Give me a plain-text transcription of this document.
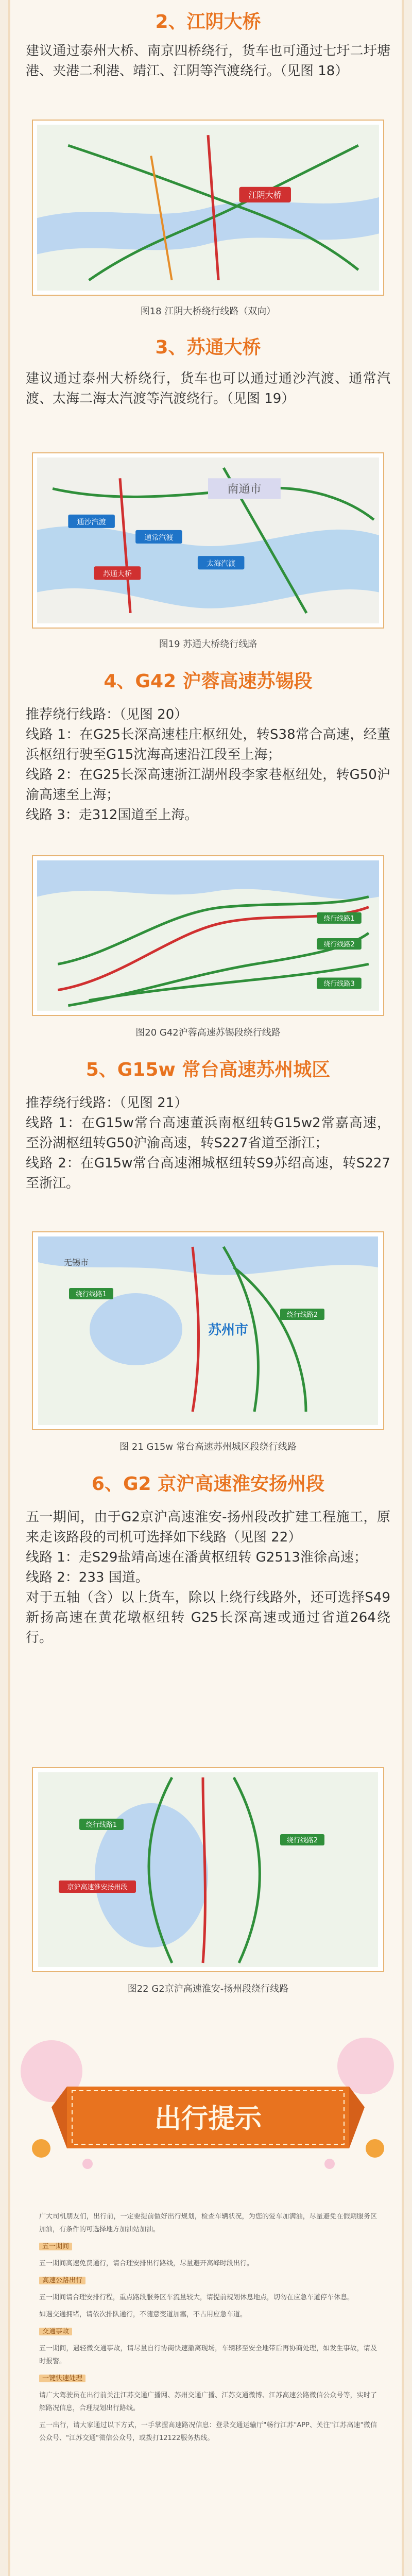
2、江阴大桥

建议通过泰州大桥、南京四桥绕行，货车也可通过七圩二圩塘港、夹港二利港、靖江、江阴等汽渡绕行。（见图 18）

江阴大桥
图18 江阴大桥绕行线路（双向）
3、苏通大桥

建议通过泰州大桥绕行，货车也可以通过通沙汽渡、通常汽渡、太海二海太汽渡等汽渡绕行。（见图 19）

南通市
通沙汽渡
通常汽渡
苏通大桥
太海汽渡
图19 苏通大桥绕行线路
4、G42 沪蓉高速苏锡段

推荐绕行线路：（见图 20）

线路 1：在G25长深高速桂庄枢纽处，转S38常合高速，经董浜枢纽行驶至G15沈海高速沿江段至上海；

线路 2：在G25长深高速浙江湖州段李家巷枢纽处，转G50沪渝高速至上海；

线路 3：走312国道至上海。

绕行线路1
绕行线路2
绕行线路3
图20 G42沪蓉高速苏锡段绕行线路
5、G15w 常台高速苏州城区

推荐绕行线路：（见图 21）

线路 1：在G15w常台高速董浜南枢纽转G15w2常嘉高速，至汾湖枢纽转G50沪渝高速，转S227省道至浙江；

线路 2：在G15w常台高速湘城枢纽转S9苏绍高速，转S227至浙江。

无锡市
苏州市
绕行线路1
绕行线路2
图 21 G15w 常台高速苏州城区段绕行线路
6、G2 京沪高速淮安扬州段

五一期间，由于G2京沪高速淮安-扬州段改扩建工程施工，原来走该路段的司机可选择如下线路（见图 22）

线路 1：走S29盐靖高速在潘黄枢纽转 G2513淮徐高速；

线路 2：233 国道。

对于五轴（含）以上货车，除以上绕行线路外，还可选择S49新扬高速在黄花墩枢纽转 G25长深高速或通过省道264绕行。

京沪高速淮安扬州段
绕行线路1
绕行线路2
图22 G2京沪高速淮安-扬州段绕行线路
出行提示

广大司机朋友们，出行前，一定要提前做好出行规划，检查车辆状况，为您的爱车加满油，尽量避免在假期服务区加油，有条件的可选择地方加油站加油。

五一期间

五一期间高速免费通行，请合理安排出行路线，尽量避开高峰时段出行。

高速公路出行

五一期间请合理安排行程，重点路段服务区车流量较大，请提前规划休息地点，切勿在应急车道停车休息。

如遇交通拥堵，请依次排队通行，不随意变道加塞，不占用应急车道。

交通事故

五一期间，遇轻微交通事故，请尽量自行协商快速撤离现场，车辆移至安全地带后再协商处理，如发生事故，请及时报警。

一键快速处理

请广大驾驶员在出行前关注江苏交通广播网、苏州交通广播、江苏交通微博、江苏高速公路微信公众号等，实时了解路况信息，合理规划出行路线。

五一出行，请大家通过以下方式，一手掌握高速路况信息：登录交通运输厅"畅行江苏"APP、关注"江苏高速"微信公众号、"江苏交通"微信公众号，或拨打12122服务热线。
